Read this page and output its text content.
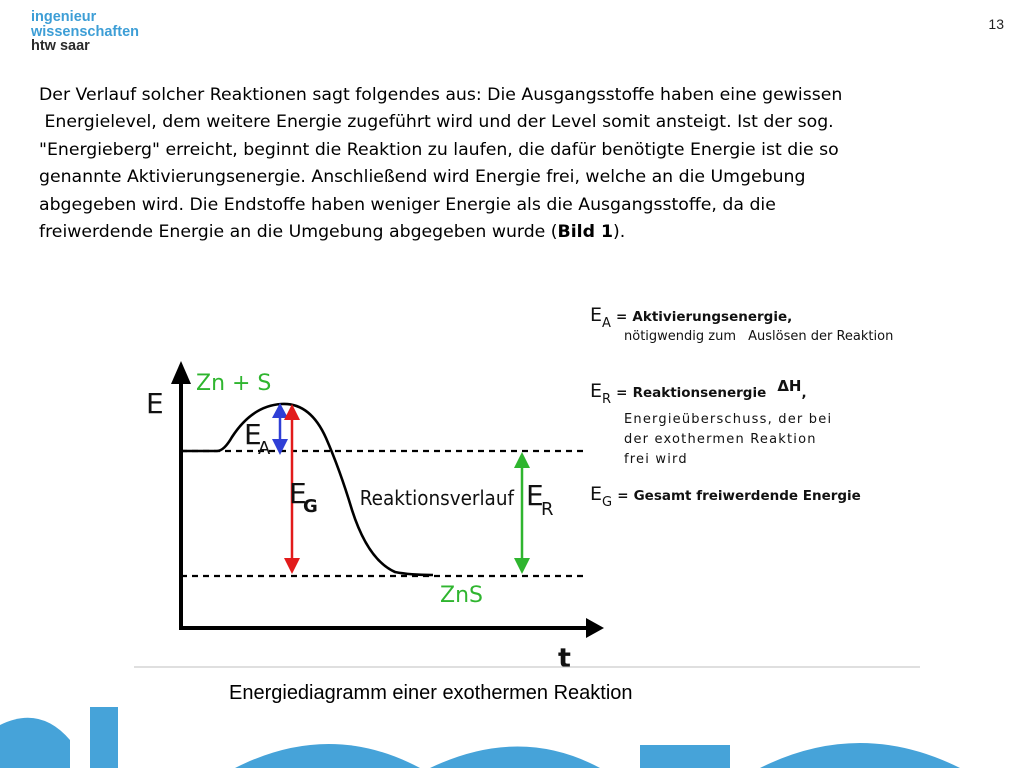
ingenieur
wissenschaften
htw saar
13
Der Verlauf solcher Reaktionen sagt folgendes aus: Die Ausgangsstoffe haben eine gewissen
Energielevel, dem weitere Energie zugeführt wird und der Level somit ansteigt. Ist der sog.
"Energieberg" erreicht, beginnt die Reaktion zu laufen, die dafür benötigte Energie ist die so
genannte Aktivierungsenergie. Anschließend wird Energie frei, welche an die Umgebung
abgegeben wird. Die Endstoffe haben weniger Energie als die Ausgangsstoffe, da die
freiwerdende Energie an die Umgebung abgegeben wurde (Bild 1).
E
t
Zn + S
ZnS
Reaktionsverlauf
E
A
E
G	E
R
$E_A$ = Aktivierungsenergie,
nötigwendig zum Auslösen der Reaktion
$E_R$ = Reaktionsenergie ΔH,
Energieüberschuss, der bei
der exothermen Reaktion
frei wird
$E_G$ = Gesamt freiwerdende Energie
Energiediagramm einer exothermen Reaktion
